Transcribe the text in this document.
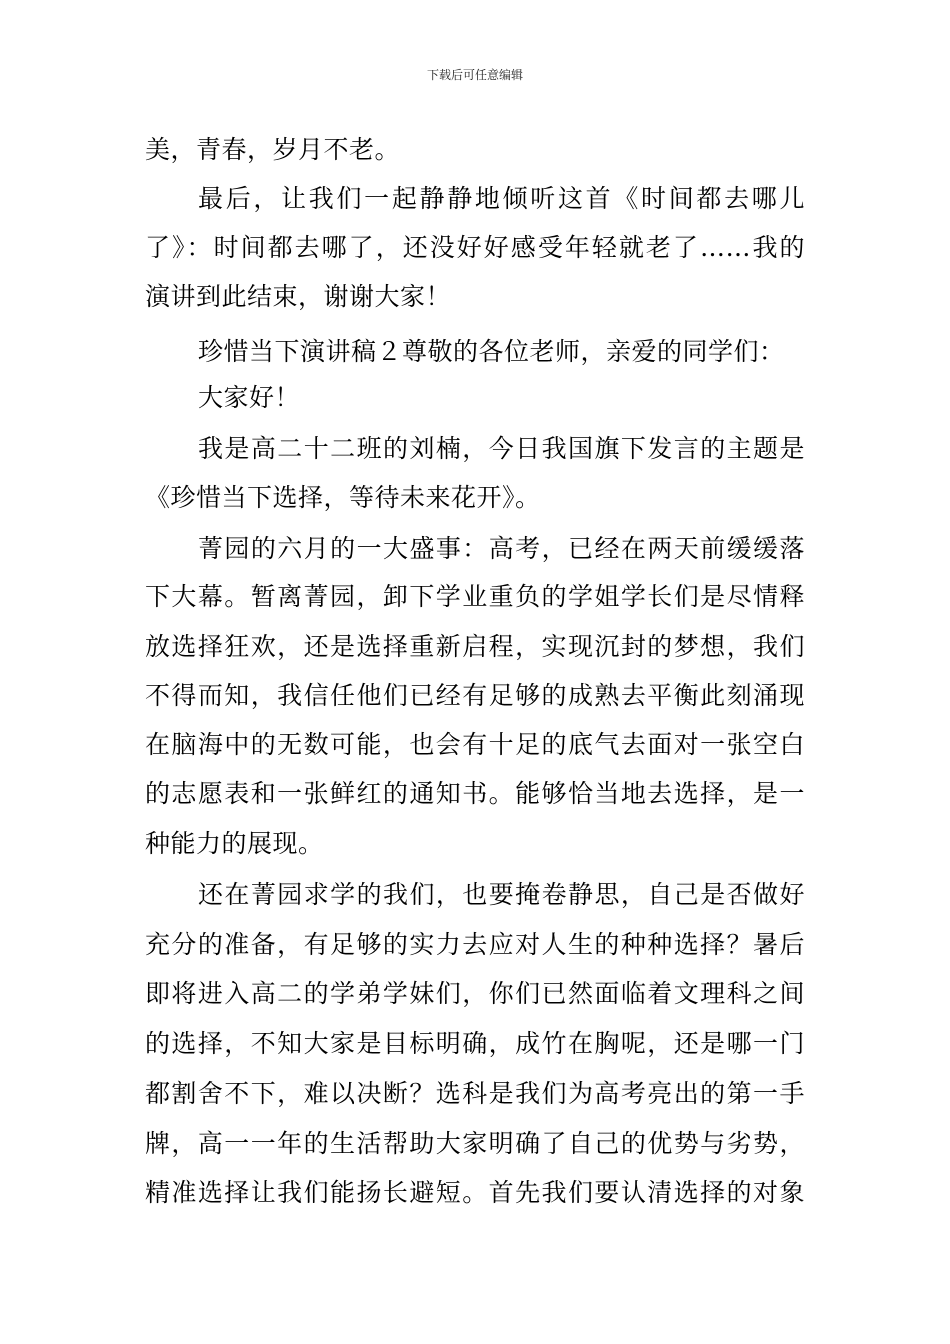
下载后可任意编辑
美，青春，岁月不老。
最后，让我们一起静静地倾听这首《时间都去哪儿
了》：时间都去哪了，还没好好感受年轻就老了……我的
演讲到此结束，谢谢大家！
珍惜当下演讲稿２尊敬的各位老师，亲爱的同学们：
大家好！
我是高二十二班的刘楠，今日我国旗下发言的主题是
《珍惜当下选择，等待未来花开》。
菁园的六月的一大盛事：高考，已经在两天前缓缓落
下大幕。暂离菁园，卸下学业重负的学姐学长们是尽情释
放选择狂欢，还是选择重新启程，实现沉封的梦想，我们
不得而知，我信任他们已经有足够的成熟去平衡此刻涌现
在脑海中的无数可能，也会有十足的底气去面对一张空白
的志愿表和一张鲜红的通知书。能够恰当地去选择，是一
种能力的展现。
还在菁园求学的我们，也要掩卷静思，自己是否做好
充分的准备，有足够的实力去应对人生的种种选择？暑后
即将进入高二的学弟学妹们，你们已然面临着文理科之间
的选择，不知大家是目标明确，成竹在胸呢，还是哪一门
都割舍不下，难以决断？选科是我们为高考亮出的第一手
牌，高一一年的生活帮助大家明确了自己的优势与劣势，
精准选择让我们能扬长避短。首先我们要认清选择的对象
